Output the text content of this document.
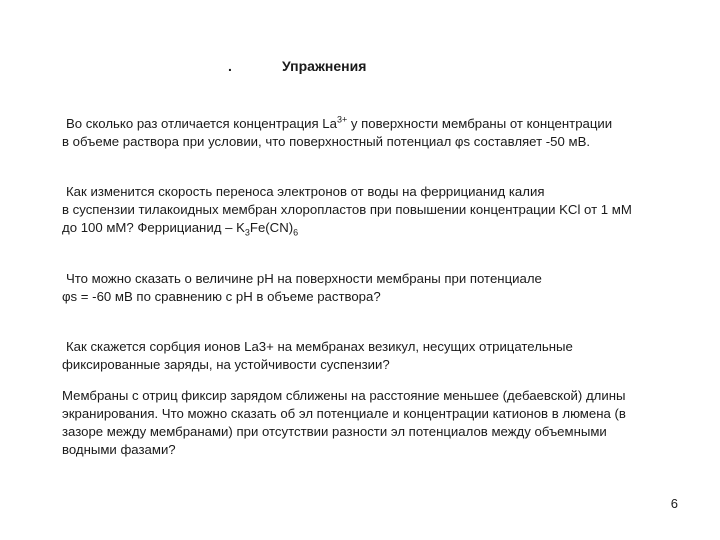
.	Упражнения
Во сколько раз отличается концентрация $La^{3+}$ у поверхности мембраны от концентрации
в объеме раствора при условии, что поверхностный потенциал φs составляет -50 мВ.
Как изменится скорость переноса электронов от воды на феррицианид калия
в суспензии тилакоидных мембран хлоропластов при повышении концентрации KCl от 1 мМ
до 100 мМ? Феррицианид – $K_3Fe(CN)_6$
Что можно сказать о величине рН на поверхности мембраны при потенциале
φs = -60 мВ по сравнению с рН в объеме раствора?
Как скажется сорбция ионов La3+ на мембранах везикул, несущих отрицательные
фиксированные заряды, на устойчивости суспензии?
Мембраны с отриц фиксир зарядом сближены на расстояние меньшее (дебаевской) длины
экранирования. Что можно сказать об эл потенциале и концентрации катионов в люмена (в
зазоре между мембранами) при отсутствии разности эл потенциалов между объемными
водными фазами?
6
